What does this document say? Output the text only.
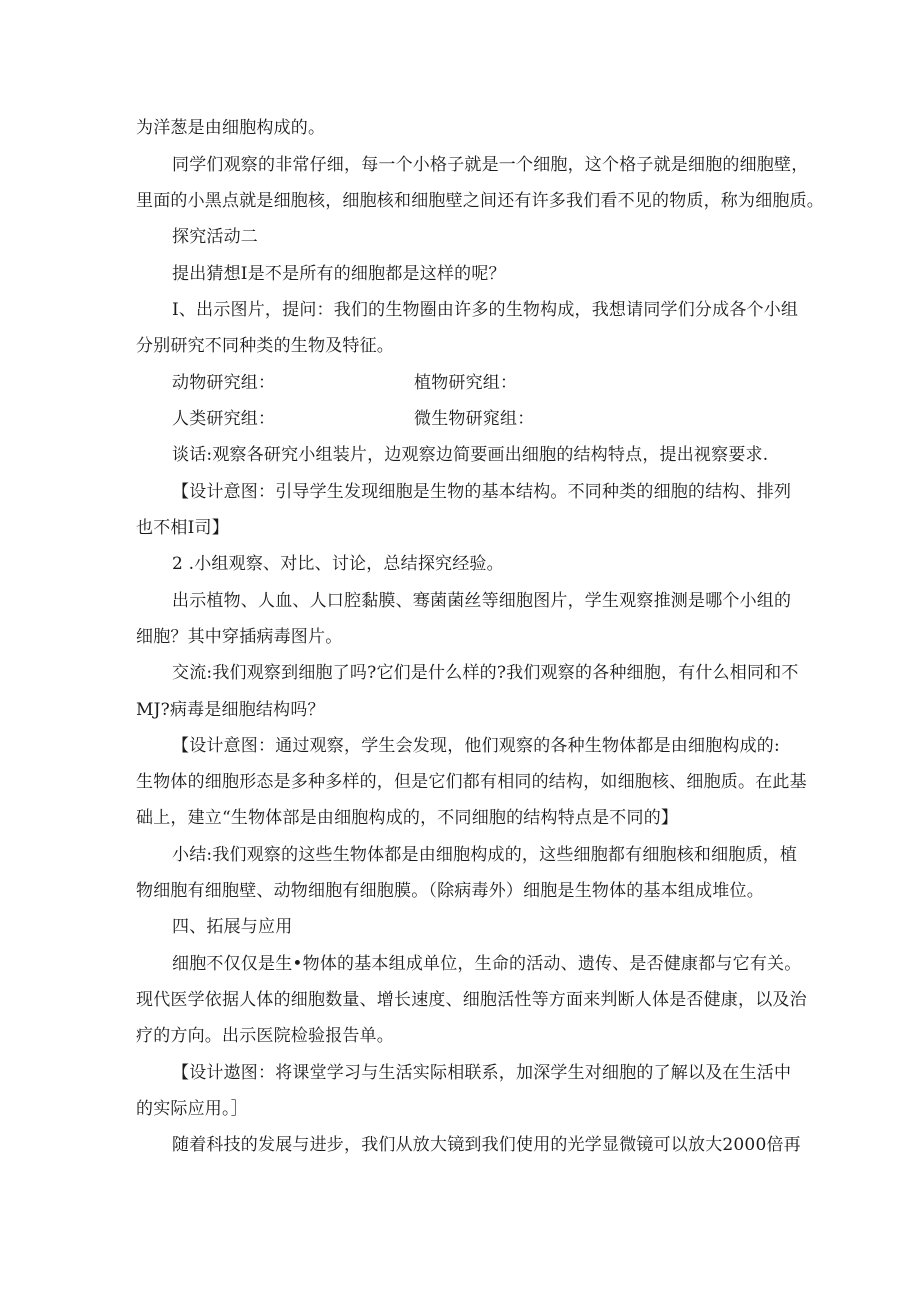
为洋葱是由细胞构成的。
同学们观察的非常仔细，每一个小格子就是一个细胞，这个格子就是细胞的细胞壁，
里面的小黑点就是细胞核，细胞核和细胞壁之间还有许多我们看不见的物质，称为细胞质。
探究活动二
提出猜想I是不是所有的细胞都是这样的呢？
I、出示图片，提问：我们的生物圈由许多的生物构成，我想请同学们分成各个小组
分别研究不同种类的生物及特征。
动物研究组：	植物研究组：
人类研究组：	微生物研窕组：
谈话:观察各研究小组装片，边观察边简要画出细胞的结构特点，提出视察要求.
【设计意图：引导学生发现细胞是生物的基本结构。不同种类的细胞的结构、排列
也不相I司】
2 .小组观察、对比、讨论，总结探究经验。
出示植物、人血、人口腔黏膜、骞菌菌丝等细胞图片，学生观察推测是哪个小组的
细胞？其中穿插病毒图片。
交流:我们观察到细胞了吗?它们是什么样的?我们观察的各种细胞，有什么相同和不
MJ?病毒是细胞结构吗？
【设计意图：通过观察，学生会发现，他们观察的各种生物体都是由细胞构成的:
生物体的细胞形态是多种多样的，但是它们都有相同的结构，如细胞核、细胞质。在此基
础上，建立“生物体部是由细胞构成的，不同细胞的结构特点是不同的】
小结:我们观察的这些生物体都是由细胞构成的，这些细胞都有细胞核和细胞质，植
物细胞有细胞壁、动物细胞有细胞膜。（除病毒外）细胞是生物体的基本组成堆位。
四、拓展与应用
细胞不仅仅是生•物体的基本组成单位，生命的活动、遗传、是否健康都与它有关。
现代医学依据人体的细胞数量、增长速度、细胞活性等方面来判断人体是否健康，以及治
疗的方向。出示医院检验报告单。
【设计遨图：将课堂学习与生活实际相联系，加深学生对细胞的了解以及在生活中
的实际应用。］
随着科技的发展与进步，我们从放大镜到我们使用的光学显微镜可以放大2000倍再
